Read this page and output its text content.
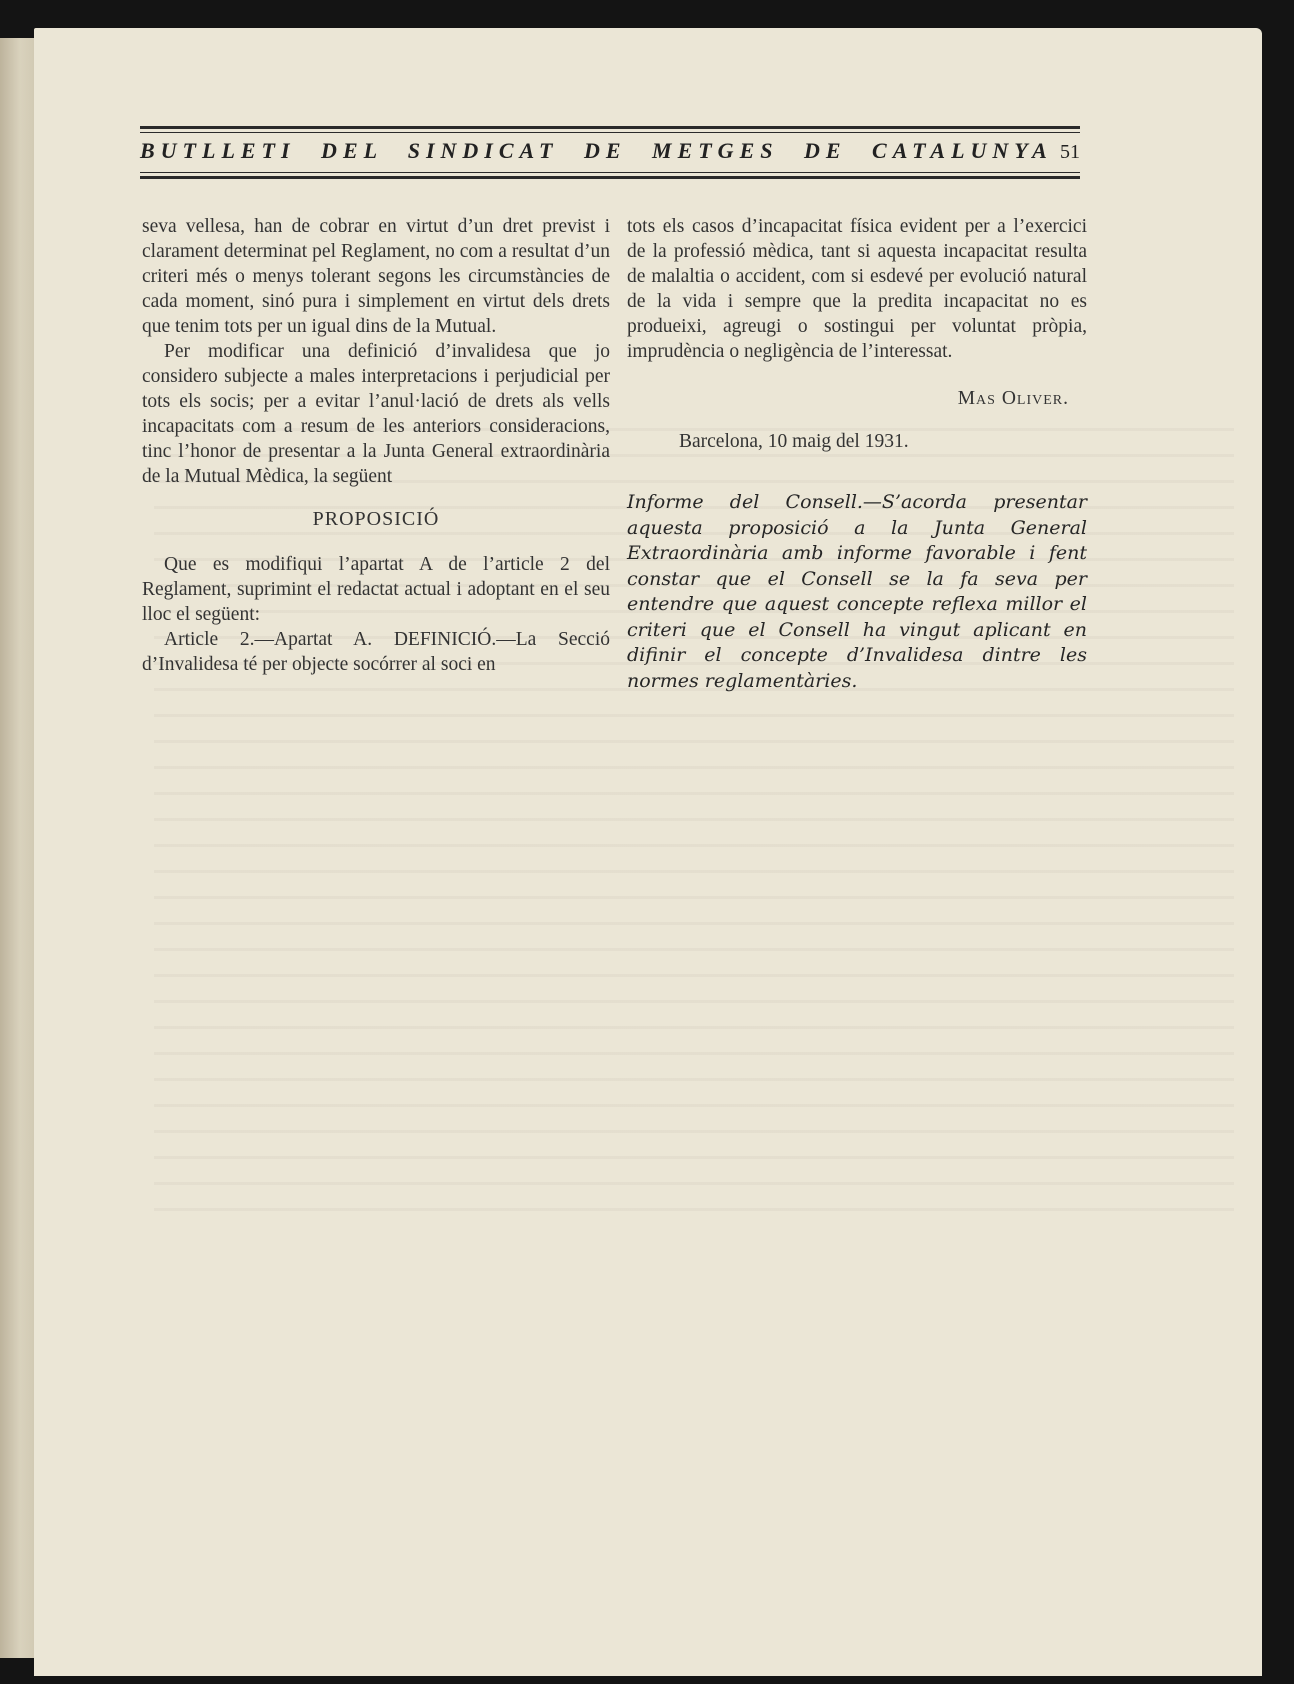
BUTLLETI DEL SINDICAT DE METGES DE CATALUNYA 51

seva vellesa, han de cobrar en virtut d’un dret previst i clarament determinat pel Reglament, no com a resultat d’un criteri més o menys tolerant segons les circumstàncies de cada moment, sinó pura i simplement en virtut dels drets que tenim tots per un igual dins de la Mutual.

Per modificar una definició d’invalidesa que jo considero subjecte a males interpretacions i perjudicial per tots els socis; per a evitar l’anul·lació de drets als vells incapacitats com a resum de les anteriors consideracions, tinc l’honor de presentar a la Junta General extraordinària de la Mutual Mèdica, la següent

PROPOSICIÓ

Que es modifiqui l’apartat A de l’article 2 del Reglament, suprimint el redactat actual i adoptant en el seu lloc el següent:

Article 2.—Apartat A. DEFINICIÓ.—La Secció d’Invalidesa té per objecte socórrer al soci en

tots els casos d’incapacitat física evident per a l’exercici de la professió mèdica, tant si aquesta incapacitat resulta de malaltia o accident, com si esdevé per evolució natural de la vida i sempre que la predita incapacitat no es produeixi, agreugi o sostingui per voluntat pròpia, imprudència o negligència de l’interessat.

Mas Oliver.

Barcelona, 10 maig del 1931.

Informe del Consell.—S’acorda presentar aquesta proposició a la Junta General Extraordinària amb informe favorable i fent constar que el Consell se la fa seva per entendre que aquest concepte reflexa millor el criteri que el Consell ha vingut aplicant en difinir el concepte d’Invalidesa dintre les normes reglamentàries.
